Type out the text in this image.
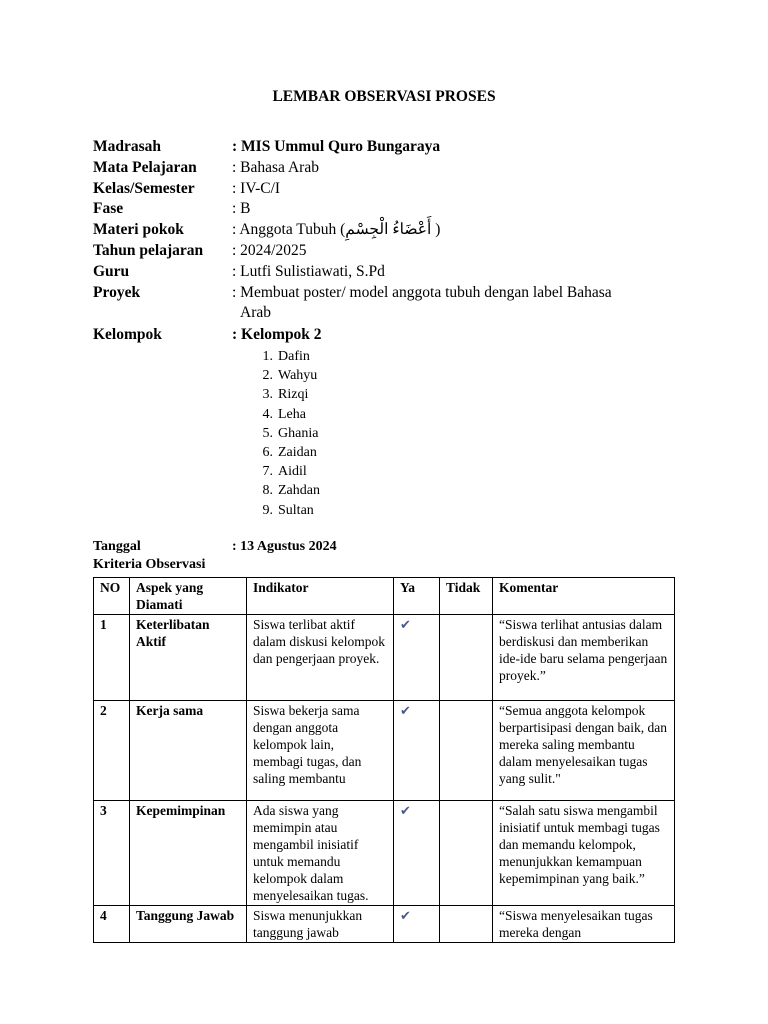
LEMBAR OBSERVASI PROSES
Madrasah	: MIS Ummul Quro Bungaraya
Mata Pelajaran	: Bahasa Arab
Kelas/Semester	: IV-C/I
Fase	: B
Materi pokok	: Anggota Tubuh (أَعْضَاءُ الْجِسْمِ )
Tahun pelajaran	: 2024/2025
Guru	: Lutfi Sulistiawati, S.Pd
Proyek	: Membuat poster/ model anggota tubuh dengan label Bahasa
Arab
Kelompok	: Kelompok 2
1. Dafin
2. Wahyu
3. Rizqi
4. Leha
5. Ghania
6. Zaidan
7. Aidil
8. Zahdan
9. Sultan
Tanggal	: 13 Agustus 2024
Kriteria Observasi
NO	Aspek yang Diamati	Indikator	Ya	Tidak	Komentar
1	Keterlibatan Aktif	Siswa terlibat aktif dalam diskusi kelompok dan pengerjaan proyek.	✔		“Siswa terlihat antusias dalam berdiskusi dan memberikan ide-ide baru selama pengerjaan proyek.”
2	Kerja sama	Siswa bekerja sama dengan anggota kelompok lain, membagi tugas, dan saling membantu	✔		“Semua anggota kelompok berpartisipasi dengan baik, dan mereka saling membantu dalam menyelesaikan tugas yang sulit."
3	Kepemimpinan	Ada siswa yang memimpin atau mengambil inisiatif untuk memandu kelompok dalam menyelesaikan tugas.	✔		“Salah satu siswa mengambil inisiatif untuk membagi tugas dan memandu kelompok, menunjukkan kemampuan kepemimpinan yang baik.”
4	Tanggung Jawab	Siswa menunjukkan tanggung jawab	✔		“Siswa menyelesaikan tugas mereka dengan
